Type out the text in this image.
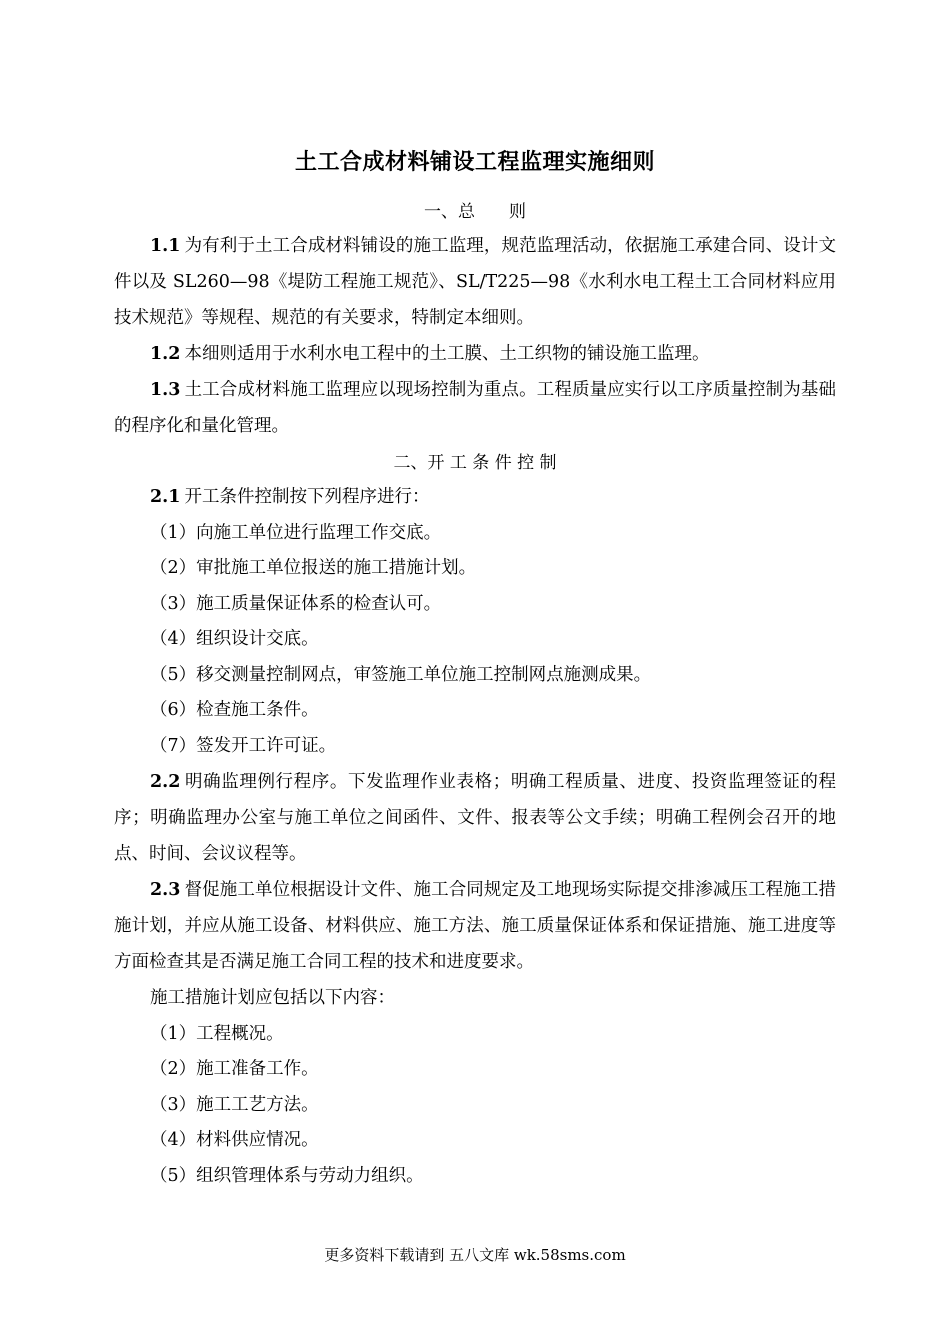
土工合成材料铺设工程监理实施细则
一、总　　则

1.1 为有利于土工合成材料铺设的施工监理，规范监理活动，依据施工承建合同、设计文件以及 SL260—98《堤防工程施工规范》、SL/T225—98《水利水电工程土工合同材料应用技术规范》等规程、规范的有关要求，特制定本细则。

1.2 本细则适用于水利水电工程中的土工膜、土工织物的铺设施工监理。

1.3 土工合成材料施工监理应以现场控制为重点。工程质量应实行以工序质量控制为基础的程序化和量化管理。

二、开 工 条 件 控 制

2.1 开工条件控制按下列程序进行：

（1）向施工单位进行监理工作交底。

（2）审批施工单位报送的施工措施计划。

（3）施工质量保证体系的检查认可。

（4）组织设计交底。

（5）移交测量控制网点，审签施工单位施工控制网点施测成果。

（6）检查施工条件。

（7）签发开工许可证。

2.2 明确监理例行程序。下发监理作业表格；明确工程质量、进度、投资监理签证的程序；明确监理办公室与施工单位之间函件、文件、报表等公文手续；明确工程例会召开的地点、时间、会议议程等。

2.3 督促施工单位根据设计文件、施工合同规定及工地现场实际提交排渗减压工程施工措施计划，并应从施工设备、材料供应、施工方法、施工质量保证体系和保证措施、施工进度等方面检查其是否满足施工合同工程的技术和进度要求。

施工措施计划应包括以下内容：

（1）工程概况。

（2）施工准备工作。

（3）施工工艺方法。

（4）材料供应情况。

（5）组织管理体系与劳动力组织。

更多资料下载请到 五八文库 wk.58sms.com
